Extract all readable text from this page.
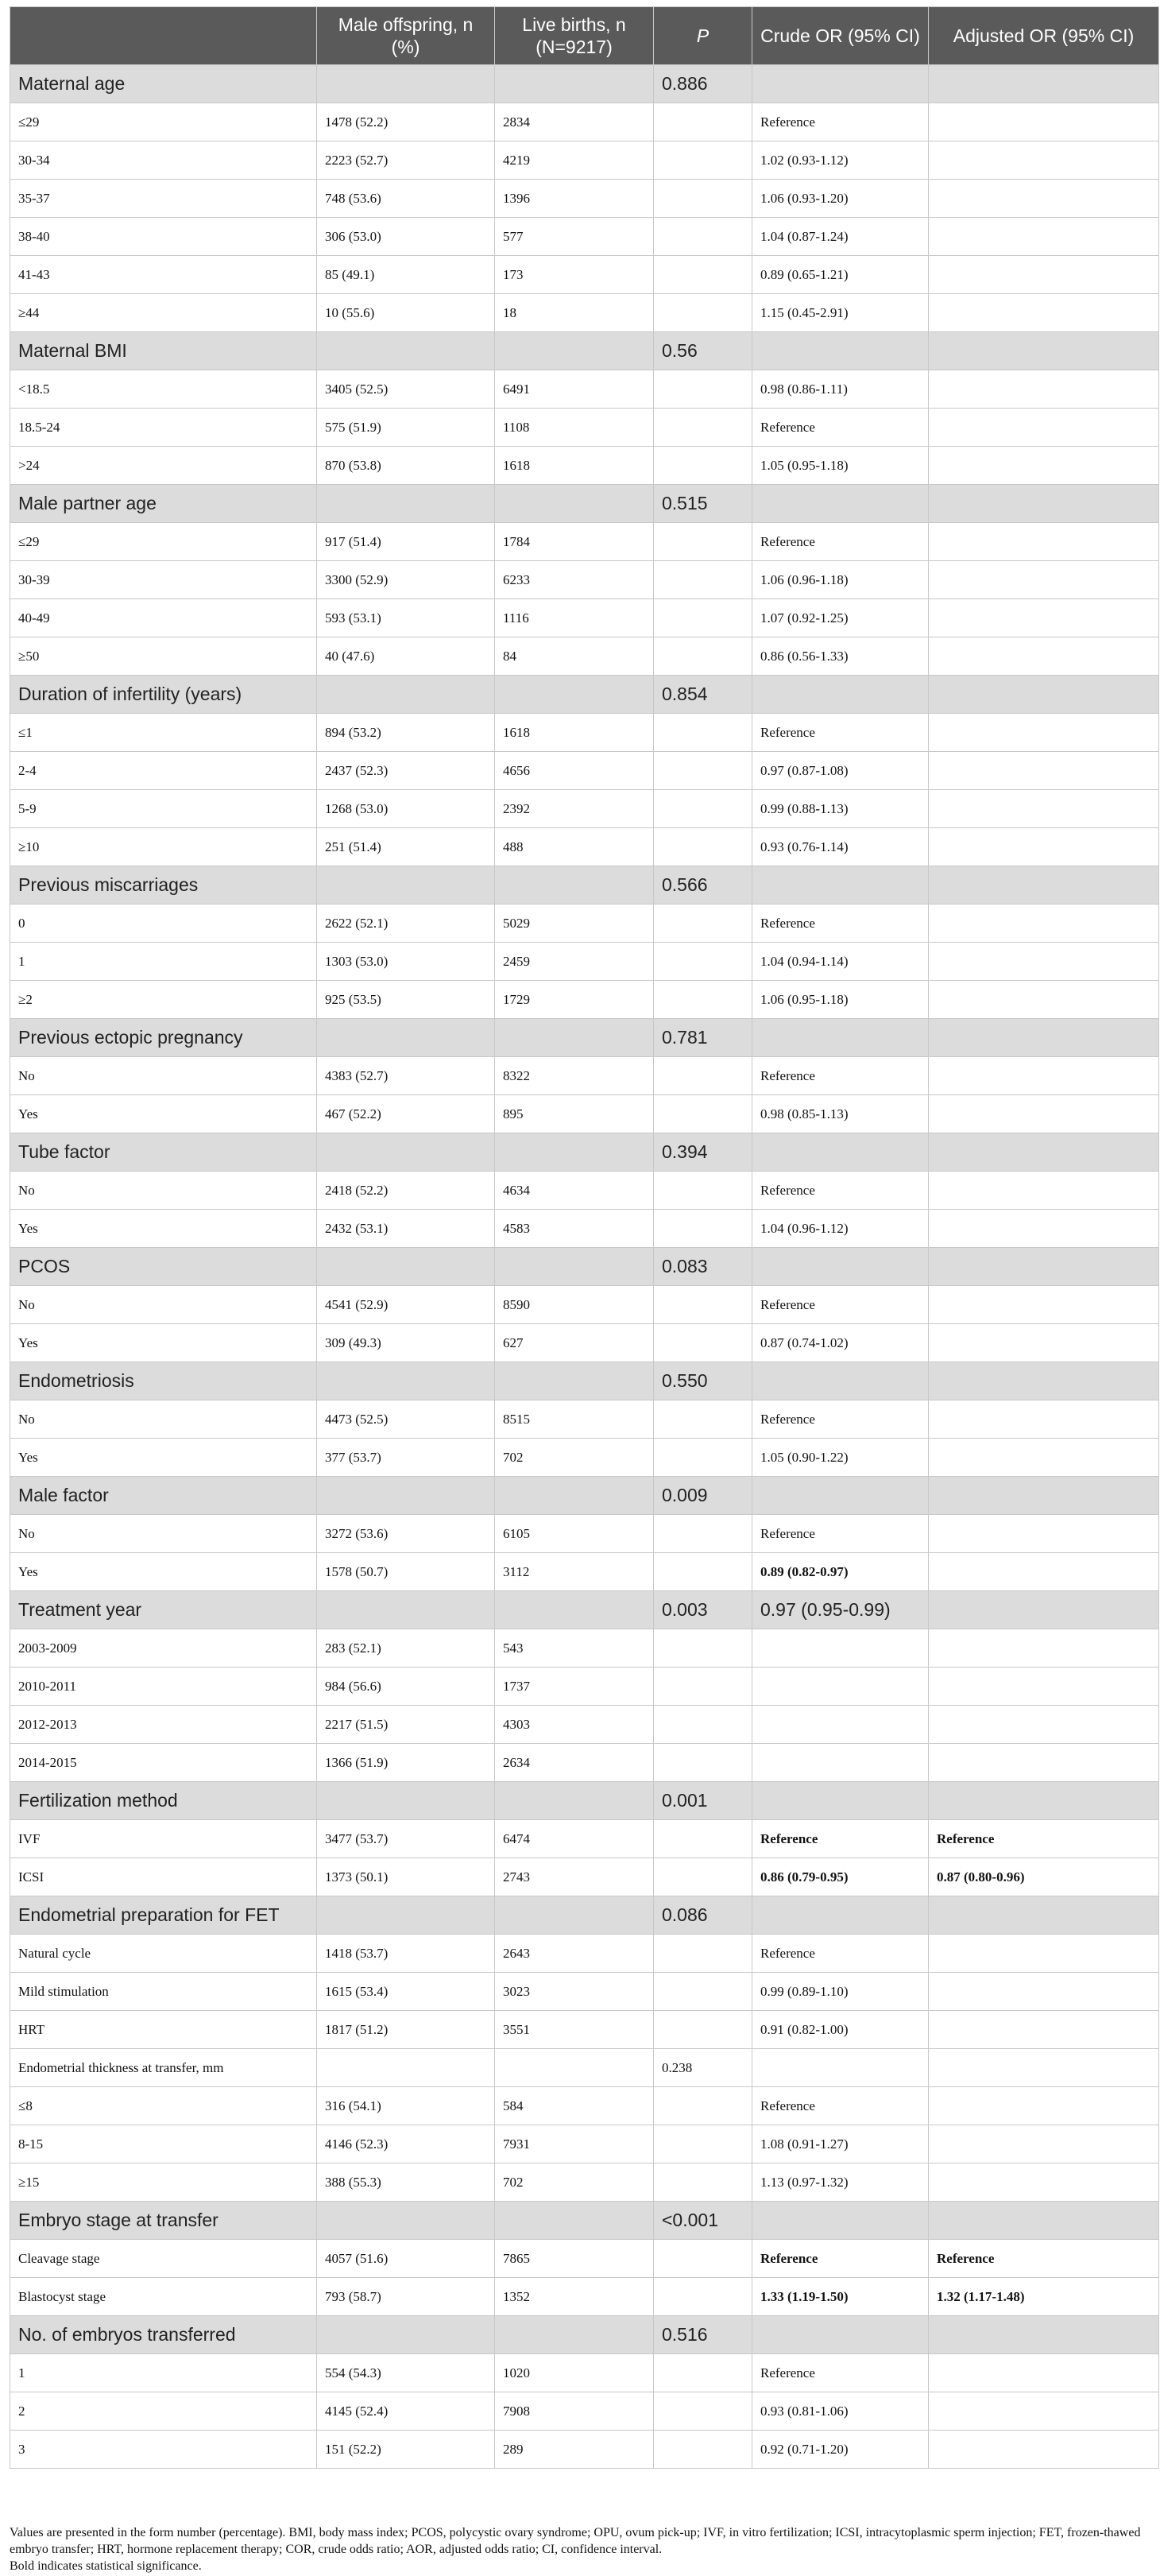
	Male offspring, n (%)	Live births, n (N=9217)	P	Crude OR (95% CI)	Adjusted OR (95% CI)
Maternal age			0.886		
≤29	1478 (52.2)	2834		Reference	
30-34	2223 (52.7)	4219		1.02 (0.93-1.12)	
35-37	748 (53.6)	1396		1.06 (0.93-1.20)	
38-40	306 (53.0)	577		1.04 (0.87-1.24)	
41-43	85 (49.1)	173		0.89 (0.65-1.21)	
≥44	10 (55.6)	18		1.15 (0.45-2.91)	
Maternal BMI			0.56		
<18.5	3405 (52.5)	6491		0.98 (0.86-1.11)	
18.5-24	575 (51.9)	1108		Reference	
>24	870 (53.8)	1618		1.05 (0.95-1.18)	
Male partner age			0.515		
≤29	917 (51.4)	1784		Reference	
30-39	3300 (52.9)	6233		1.06 (0.96-1.18)	
40-49	593 (53.1)	1116		1.07 (0.92-1.25)	
≥50	40 (47.6)	84		0.86 (0.56-1.33)	
Duration of infertility (years)			0.854		
≤1	894 (53.2)	1618		Reference	
2-4	2437 (52.3)	4656		0.97 (0.87-1.08)	
5-9	1268 (53.0)	2392		0.99 (0.88-1.13)	
≥10	251 (51.4)	488		0.93 (0.76-1.14)	
Previous miscarriages			0.566		
0	2622 (52.1)	5029		Reference	
1	1303 (53.0)	2459		1.04 (0.94-1.14)	
≥2	925 (53.5)	1729		1.06 (0.95-1.18)	
Previous ectopic pregnancy			0.781		
No	4383 (52.7)	8322		Reference	
Yes	467 (52.2)	895		0.98 (0.85-1.13)	
Tube factor			0.394		
No	2418 (52.2)	4634		Reference	
Yes	2432 (53.1)	4583		1.04 (0.96-1.12)	
PCOS			0.083		
No	4541 (52.9)	8590		Reference	
Yes	309 (49.3)	627		0.87 (0.74-1.02)	
Endometriosis			0.550		
No	4473 (52.5)	8515		Reference	
Yes	377 (53.7)	702		1.05 (0.90-1.22)	
Male factor			0.009		
No	3272 (53.6)	6105		Reference	
Yes	1578 (50.7)	3112		0.89 (0.82-0.97)	
Treatment year			0.003	0.97 (0.95-0.99)	
2003-2009	283 (52.1)	543			
2010-2011	984 (56.6)	1737			
2012-2013	2217 (51.5)	4303			
2014-2015	1366 (51.9)	2634			
Fertilization method			0.001		
IVF	3477 (53.7)	6474		Reference	Reference
ICSI	1373 (50.1)	2743		0.86 (0.79-0.95)	0.87 (0.80-0.96)
Endometrial preparation for FET			0.086		
Natural cycle	1418 (53.7)	2643		Reference	
Mild stimulation	1615 (53.4)	3023		0.99 (0.89-1.10)	
HRT	1817 (51.2)	3551		0.91 (0.82-1.00)	
Endometrial thickness at transfer, mm			0.238		
≤8	316 (54.1)	584		Reference	
8-15	4146 (52.3)	7931		1.08 (0.91-1.27)	
≥15	388 (55.3)	702		1.13 (0.97-1.32)	
Embryo stage at transfer			<0.001		
Cleavage stage	4057 (51.6)	7865		Reference	Reference
Blastocyst stage	793 (58.7)	1352		1.33 (1.19-1.50)	1.32 (1.17-1.48)
No. of embryos transferred			0.516		
1	554 (54.3)	1020		Reference	
2	4145 (52.4)	7908		0.93 (0.81-1.06)	
3	151 (52.2)	289		0.92 (0.71-1.20)	

Values are presented in the form number (percentage). BMI, body mass index; PCOS, polycystic ovary syndrome; OPU, ovum pick-up; IVF, in vitro fertilization; ICSI, intracytoplasmic sperm injection; FET, frozen-thawed embryo transfer; HRT, hormone replacement therapy; COR, crude odds ratio; AOR, adjusted odds ratio; CI, confidence interval.

Bold indicates statistical significance.
